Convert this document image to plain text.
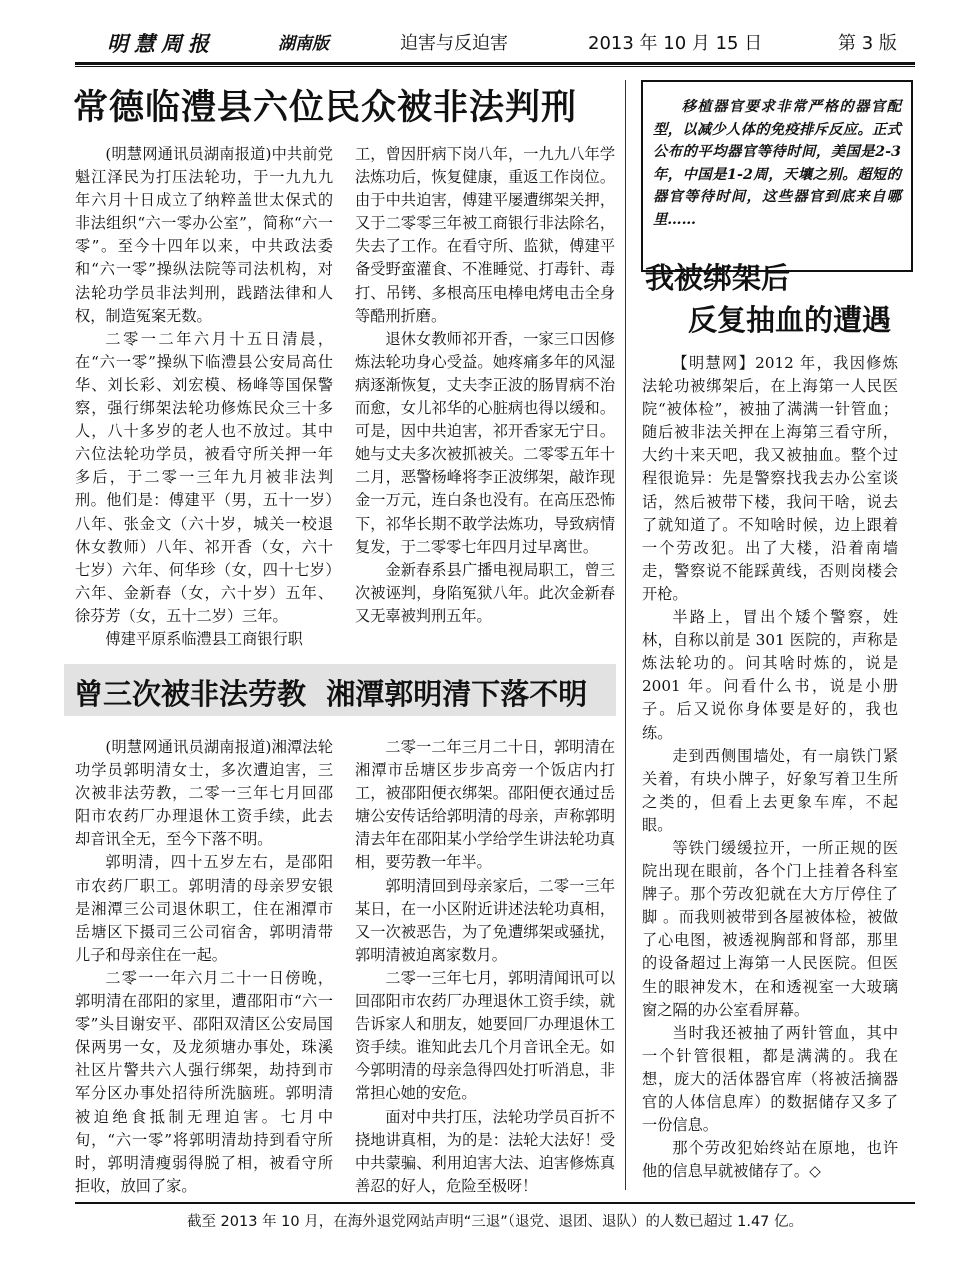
明慧周报	湖南版	迫害与反迫害	2013 年 10 月 15 日	第 3 版
常德临澧县六位民众被非法判刑

(明慧网通讯员湖南报道)中共前党魁江泽民为打压法轮功，于一九九九年六月十日成立了纳粹盖世太保式的非法组织“六一零办公室”，简称“六一零”。至今十四年以来，中共政法委和“六一零”操纵法院等司法机构，对法轮功学员非法判刑，践踏法律和人权，制造冤案无数。

二零一二年六月十五日清晨，在“六一零”操纵下临澧县公安局高仕华、刘长彩、刘宏模、杨峰等国保警察，强行绑架法轮功修炼民众三十多人，八十多岁的老人也不放过。其中六位法轮功学员，被看守所关押一年多后，于二零一三年九月被非法判刑。他们是：傅建平（男，五十一岁）八年、张金文（六十岁，城关一校退休女教师）八年、祁开香（女，六十七岁）六年、何华珍（女，四十七岁）六年、金新春（女，六十岁）五年、徐芬芳（女，五十二岁）三年。

傅建平原系临澧县工商银行职

工，曾因肝病下岗八年，一九九八年学法炼功后，恢复健康，重返工作岗位。由于中共迫害，傅建平屡遭绑架关押，又于二零零三年被工商银行非法除名，失去了工作。在看守所、监狱，傅建平备受野蛮灌食、不准睡觉、打毒针、毒打、吊铐、多根高压电棒电烤电击全身等酷刑折磨。

退休女教师祁开香，一家三口因修炼法轮功身心受益。她疼痛多年的风湿病逐渐恢复，丈夫李正波的肠胃病不治而愈，女儿祁华的心脏病也得以缓和。可是，因中共迫害，祁开香家无宁日。她与丈夫多次被抓被关。二零零五年十二月，恶警杨峰将李正波绑架，敲诈现金一万元，连白条也没有。在高压恐怖下，祁华长期不敢学法炼功，导致病情复发，于二零零七年四月过早离世。

金新春系县广播电视局职工，曾三次被诬判，身陷冤狱八年。此次金新春又无辜被判刑五年。

曾三次被非法劳教  湘潭郭明清下落不明

(明慧网通讯员湖南报道)湘潭法轮功学员郭明清女士，多次遭迫害，三次被非法劳教，二零一三年七月回邵阳市农药厂办理退休工资手续，此去却音讯全无，至今下落不明。

郭明清，四十五岁左右，是邵阳市农药厂职工。郭明清的母亲罗安银是湘潭三公司退休职工，住在湘潭市岳塘区下摄司三公司宿舍，郭明清带儿子和母亲住在一起。

二零一一年六月二十一日傍晚，郭明清在邵阳的家里，遭邵阳市“六一零”头目谢安平、邵阳双清区公安局国保两男一女，及龙须塘办事处，珠溪社区片警共六人强行绑架，劫持到市军分区办事处招待所洗脑班。郭明清被迫绝食抵制无理迫害。七月中旬，“六一零”将郭明清劫持到看守所时，郭明清瘦弱得脱了相，被看守所拒收，放回了家。

二零一二年三月二十日，郭明清在湘潭市岳塘区步步高旁一个饭店内打工，被邵阳便衣绑架。邵阳便衣通过岳塘公安传话给郭明清的母亲，声称郭明清去年在邵阳某小学给学生讲法轮功真相，要劳教一年半。

郭明清回到母亲家后，二零一三年某日，在一小区附近讲述法轮功真相，又一次被恶告，为了免遭绑架或骚扰，郭明清被迫离家数月。

二零一三年七月，郭明清闻讯可以回邵阳市农药厂办理退休工资手续，就告诉家人和朋友，她要回厂办理退休工资手续。谁知此去几个月音讯全无。如今郭明清的母亲急得四处打听消息，非常担心她的安危。

面对中共打压，法轮功学员百折不挠地讲真相，为的是：法轮大法好！受中共蒙骗、利用迫害大法、迫害修炼真善忍的好人，危险至极呀！

移植器官要求非常严格的器官配型，以减少人体的免疫排斥反应。正式公布的平均器官等待时间，美国是2-3年，中国是1-2周，天壤之别。超短的器官等待时间，这些器官到底来自哪里……

我被绑架后
反复抽血的遭遇

【明慧网】2012 年，我因修炼法轮功被绑架后，在上海第一人民医院“被体检”，被抽了满满一针管血；随后被非法关押在上海第三看守所，大约十来天吧，我又被抽血。整个过程很诡异：先是警察找我去办公室谈话，然后被带下楼，我问干啥，说去了就知道了。不知啥时候，边上跟着一个劳改犯。出了大楼，沿着南墙走，警察说不能踩黄线，否则岗楼会开枪。

半路上，冒出个矮个警察，姓林，自称以前是 301 医院的，声称是炼法轮功的。问其啥时炼的，说是 2001 年。问看什么书，说是小册子。后又说你身体要是好的，我也练。

走到西侧围墙处，有一扇铁门紧关着，有块小牌子，好象写着卫生所之类的，但看上去更象车库，不起眼。

等铁门缓缓拉开，一所正规的医院出现在眼前，各个门上挂着各科室牌子。那个劳改犯就在大方厅停住了脚 。而我则被带到各屋被体检，被做了心电图，被透视胸部和肾部，那里的设备超过上海第一人民医院。但医生的眼神发木，在和透视室一大玻璃窗之隔的办公室看屏幕。

当时我还被抽了两针管血，其中一个针管很粗，都是满满的。我在想，庞大的活体器官库（将被活摘器官的人体信息库）的数据储存又多了一份信息。

那个劳改犯始终站在原地，也许他的信息早就被储存了。◇

截至 2013 年 10 月，在海外退党网站声明“三退”（退党、退团、退队）的人数已超过 1.47 亿。
